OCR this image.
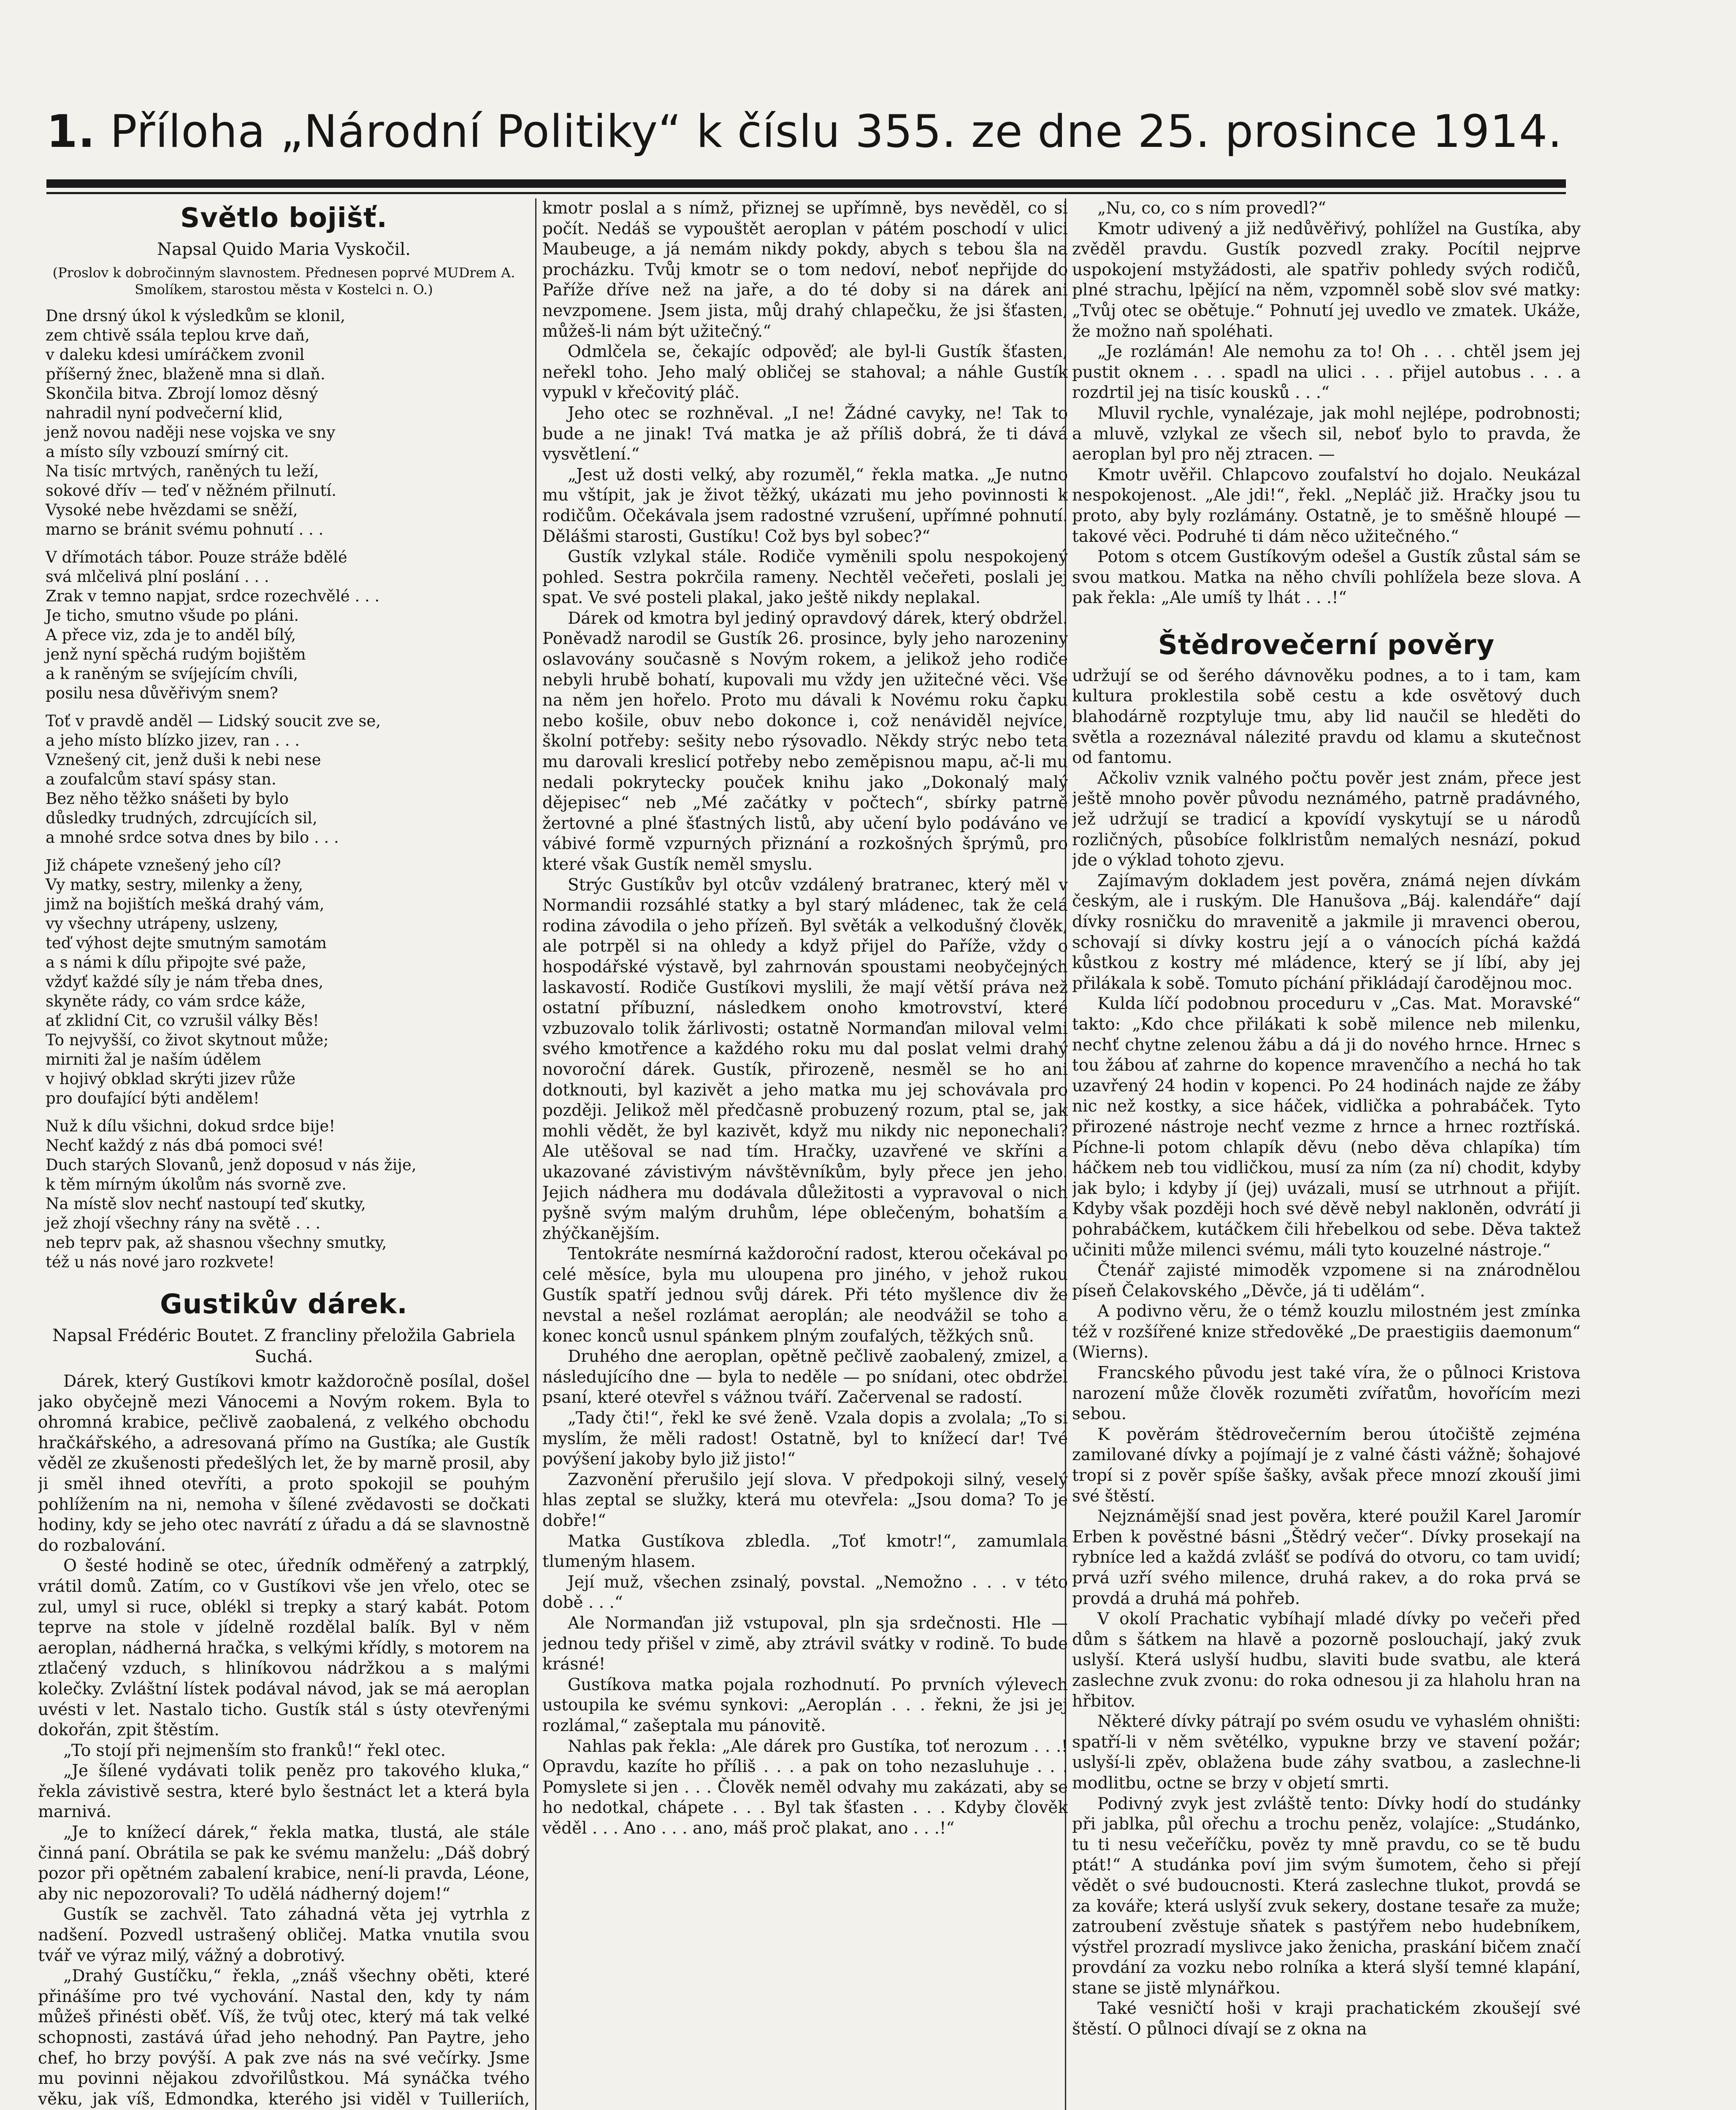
1. Příloha „Národní Politiky“ k číslu 355. ze dne 25. prosince 1914.
Světlo bojišť.
Napsal Quido Maria Vyskočil.
(Proslov k dobročinným slavnostem. Přednesen poprvé MUDrem A. Smolíkem, starostou města v Kostelci n. O.)
Dne drsný úkol k výsledkům se klonil,
zem chtivě ssála teplou krve daň,
v daleku kdesi umíráčkem zvonil
příšerný žnec, blaženě mna si dlaň.
Skončila bitva. Zbrojí lomoz děsný
nahradil nyní podvečerní klid,
jenž novou naději nese vojska ve sny
a místo síly vzbouzí smírný cit.
Na tisíc mrtvých, raněných tu leží,
sokové dřív — teď v něžném přilnutí.
Vysoké nebe hvězdami se sněží,
marno se bránit svému pohnutí . . .
V dřímotách tábor. Pouze stráže bdělé
svá mlčelivá plní poslání . . .
Zrak v temno napjat, srdce rozechvělé . . .
Je ticho, smutno všude po pláni.
A přece viz, zda je to anděl bílý,
jenž nyní spěchá rudým bojištěm
a k raněným se svíjejícím chvíli,
posilu nesa důvěřivým snem?
Toť v pravdě anděl — Lidský soucit zve se,
a jeho místo blízko jizev, ran . . .
Vznešený cit, jenž duši k nebi nese
a zoufalcům staví spásy stan.
Bez něho těžko snášeti by bylo
důsledky trudných, zdrcujících sil,
a mnohé srdce sotva dnes by bilo . . .
Již chápete vznešený jeho cíl?
Vy matky, sestry, milenky a ženy,
jimž na bojištích mešká drahý vám,
vy všechny utrápeny, uslzeny,
teď výhost dejte smutným samotám
a s námi k dílu připojte své paže,
vždyť každé síly je nám třeba dnes,
skyněte rády, co vám srdce káže,
ať zklidní Cit, co vzrušil války Běs!
To nejvyšší, co život skytnout může;
mirniti žal je naším údělem
v hojivý obklad skrýti jizev růže
pro doufající býti andělem!
Nuž k dílu všichni, dokud srdce bije!
Nechť každý z nás dbá pomoci své!
Duch starých Slovanů, jenž doposud v nás žije,
k těm mírným úkolům nás svorně zve.
Na místě slov nechť nastoupí teď skutky,
jež zhojí všechny rány na světě . . .
neb teprv pak, až shasnou všechny smutky,
též u nás nové jaro rozkvete!
Gustikův dárek.
Napsal Frédéric Boutet. Z francliny přeložila Gabriela Suchá.

Dárek, který Gustíkovi kmotr každoročně posílal, došel jako obyčejně mezi Vánocemi a Novým rokem. Byla to ohromná krabice, pečlivě zaobalená, z velkého obchodu hračkářského, a adresovaná přímo na Gustíka; ale Gustík věděl ze zkušenosti předešlých let, že by marně prosil, aby ji směl ihned otevříti, a proto spokojil se pouhým pohlížením na ni, nemoha v šílené zvědavosti se dočkati hodiny, kdy se jeho otec navrátí z úřadu a dá se slavnostně do rozbalování.

O šesté hodině se otec, úředník odměřený a zatrpklý, vrátil domů. Zatím, co v Gustíkovi vše jen vřelo, otec se zul, umyl si ruce, oblékl si trepky a starý kabát. Potom teprve na stole v jídelně rozdělal balík. Byl v něm aeroplan, nádherná hračka, s velkými křídly, s motorem na ztlačený vzduch, s hliníkovou nádržkou a s malými kolečky. Zvláštní lístek podával návod, jak se má aeroplan uvésti v let. Nastalo ticho. Gustík stál s ústy otevřenými dokořán, zpit štěstím.

„To stojí při nejmenším sto franků!“ řekl otec.

„Je šílené vydávati tolik peněz pro takového kluka,“ řekla závistivě sestra, které bylo šestnáct let a která byla marnivá.

„Je to knížecí dárek,“ řekla matka, tlustá, ale stále činná paní. Obrátila se pak ke svému manželu: „Dáš dobrý pozor při opětném zabalení krabice, není-li pravda, Léone, aby nic nepozorovali? To udělá nádherný dojem!“

Gustík se zachvěl. Tato záhadná věta jej vytrhla z nadšení. Pozvedl ustrašený obličej. Matka vnutila svou tvář ve výraz milý, vážný a dobrotivý.

„Drahý Gustíčku,“ řekla, „znáš všechny oběti, které přinášíme pro tvé vychování. Nastal den, kdy ty nám můžeš přinésti oběť. Víš, že tvůj otec, který má tak velké schopnosti, zastává úřad jeho nehodný. Pan Paytre, jeho chef, ho brzy povýší. A pak zve nás na své večírky. Jsme mu povinni nějakou zdvořilůstkou. Má synáčka tvého věku, jak víš, Edmondka, kterého jsi viděl v Tuilleriích,

kmotr poslal a s nímž, přiznej se upřímně, bys nevěděl, co si počít. Nedáš se vypouštět aeroplan v pátém poschodí v ulici Maubeuge, a já nemám nikdy pokdy, abych s tebou šla na procházku. Tvůj kmotr se o tom nedoví, neboť nepřijde do Paříže dříve než na jaře, a do té doby si na dárek ani nevzpomene. Jsem jista, můj drahý chlapečku, že jsi šťasten, můžeš-li nám být užitečný.“

Odmlčela se, čekajíc odpověď; ale byl-li Gustík šťasten, neřekl toho. Jeho malý obličej se stahoval; a náhle Gustík vypukl v křečovitý pláč.

Jeho otec se rozhněval. „I ne! Žádné cavyky, ne! Tak to bude a ne jinak! Tvá matka je až příliš dobrá, že ti dává vysvětlení.“

„Jest už dosti velký, aby rozuměl,“ řekla matka. „Je nutno mu vštípit, jak je život těžký, ukázati mu jeho povinnosti k rodičům. Očekávala jsem radostné vzrušení, upřímné pohnutí. Dělášmi starosti, Gustíku! Což bys byl sobec?“

Gustík vzlykal stále. Rodiče vyměnili spolu nespokojený pohled. Sestra pokrčila rameny. Nechtěl večeřeti, poslali jej spat. Ve své posteli plakal, jako ještě nikdy neplakal.

Dárek od kmotra byl jediný opravdový dárek, který obdržel. Poněvadž narodil se Gustík 26. prosince, byly jeho narozeniny oslavovány současně s Novým rokem, a jelikož jeho rodiče nebyli hrubě bohatí, kupovali mu vždy jen užitečné věci. Vše na něm jen hořelo. Proto mu dávali k Novému roku čapku nebo košile, obuv nebo dokonce i, což nenáviděl nejvíce, školní potřeby: sešity nebo rýsovadlo. Někdy strýc nebo teta mu darovali kreslicí potřeby nebo zeměpisnou mapu, ač-li mu nedali pokrytecky pouček knihu jako „Dokonalý malý dějepisec“ neb „Mé začátky v počtech“, sbírky patrně žertovné a plné šťastných listů, aby učení bylo podáváno ve vábivé formě vzpurných přiznání a rozkošných šprýmů, pro které však Gustík neměl smyslu.

Strýc Gustíkův byl otcův vzdálený bratranec, který měl v Normandii rozsáhlé statky a byl starý mládenec, tak že celá rodina závodila o jeho přízeň. Byl světák a velkodušný člověk, ale potrpěl si na ohledy a když přijel do Paříže, vždy o hospodářské výstavě, byl zahrnován spoustami neobyčejných laskavostí. Rodiče Gustíkovi myslili, že mají větší práva než ostatní příbuzní, následkem onoho kmotrovství, které vzbuzovalo tolik žárlivosti; ostatně Normanďan miloval velmi svého kmotřence a každého roku mu dal poslat velmi drahý novoroční dárek. Gustík, přirozeně, nesměl se ho ani dotknouti, byl kazivět a jeho matka mu jej schovávala pro později. Jelikož měl předčasně probuzený rozum, ptal se, jak mohli vědět, že byl kazivět, když mu nikdy nic neponechali? Ale utěšoval se nad tím. Hračky, uzavřené ve skříni a ukazované závistivým návštěvníkům, byly přece jen jeho. Jejich nádhera mu dodávala důležitosti a vypravoval o nich pyšně svým malým druhům, lépe oblečeným, bohatším a zhýčkanějším.

Tentokráte nesmírná každoroční radost, kterou očekával po celé měsíce, byla mu uloupena pro jiného, v jehož rukou Gustík spatří jednou svůj dárek. Při této myšlence div že nevstal a nešel rozlámat aeroplán; ale neodvážil se toho a konec konců usnul spánkem plným zoufalých, těžkých snů.

Druhého dne aeroplan, opětně pečlivě zaobalený, zmizel, a následujícího dne — byla to neděle — po snídani, otec obdržel psaní, které otevřel s vážnou tváří. Začervenal se radostí.

„Tady čti!“, řekl ke své ženě. Vzala dopis a zvolala; „To si myslím, že měli radost! Ostatně, byl to knížecí dar! Tvé povýšení jakoby bylo již jisto!“

Zazvonění přerušilo její slova. V předpokoji silný, veselý hlas zeptal se služky, která mu otevřela: „Jsou doma? To je dobře!“

Matka Gustíkova zbledla. „Toť kmotr!“, zamumlala tlumeným hlasem.

Její muž, všechen zsinalý, povstal. „Nemožno . . . v této době . . .“

Ale Normanďan již vstupoval, pln sja srdečnosti. Hle — jednou tedy přišel v zimě, aby ztrávil svátky v rodině. To bude krásné!

Gustíkova matka pojala rozhodnutí. Po prvních výlevech ustoupila ke svému synkovi: „Aeroplán . . . řekni, že jsi jej rozlámal,“ zašeptala mu pánovitě.

Nahlas pak řekla: „Ale dárek pro Gustíka, toť nerozum . . .! Opravdu, kazíte ho příliš . . . a pak on toho nezasluhuje . . . Pomyslete si jen . . . Člověk neměl odvahy mu zakázati, aby se ho nedotkal, chápete . . . Byl tak šťasten . . . Kdyby člověk věděl . . . Ano . . . ano, máš proč plakat, ano . . .!“

„Nu, co, co s ním provedl?“

Kmotr udivený a již nedůvěřivý, pohlížel na Gustíka, aby zvěděl pravdu. Gustík pozvedl zraky. Pocítil nejprve uspokojení mstyžádosti, ale spatřiv pohledy svých rodičů, plné strachu, lpějící na něm, vzpomněl sobě slov své matky: „Tvůj otec se obětuje.“ Pohnutí jej uvedlo ve zmatek. Ukáže, že možno naň spoléhati.

„Je rozlámán! Ale nemohu za to! Oh . . . chtěl jsem jej pustit oknem . . . spadl na ulici . . . přijel autobus . . . a rozdrtil jej na tisíc kousků . . .“

Mluvil rychle, vynalézaje, jak mohl nejlépe, podrobnosti; a mluvě, vzlykal ze všech sil, neboť bylo to pravda, že aeroplan byl pro něj ztracen. —

Kmotr uvěřil. Chlapcovo zoufalství ho dojalo. Neukázal nespokojenost. „Ale jdi!“, řekl. „Nepláč již. Hračky jsou tu proto, aby byly rozlámány. Ostatně, je to směšně hloupé — takové věci. Podruhé ti dám něco užitečného.“

Potom s otcem Gustíkovým odešel a Gustík zůstal sám se svou matkou. Matka na něho chvíli pohlížela beze slova. A pak řekla: „Ale umíš ty lhát . . .!“

Štědrovečerní pověry

udržují se od šerého dávnověku podnes, a to i tam, kam kultura proklestila sobě cestu a kde osvětový duch blahodárně rozptyluje tmu, aby lid naučil se hleděti do světla a rozeznával nálezité pravdu od klamu a skutečnost od fantomu.

Ačkoliv vznik valného počtu pověr jest znám, přece jest ještě mnoho pověr původu neznámého, patrně pradávného, jež udržují se tradicí a kpovídí vyskytují se u národů rozličných, působíce folklristům nemalých nesnází, pokud jde o výklad tohoto zjevu.

Zajímavým dokladem jest pověra, známá nejen dívkám českým, ale i ruským. Dle Hanušova „Báj. kalendáře“ dají dívky rosničku do mravenitě a jakmile ji mravenci oberou, schovají si dívky kostru její a o vánocích píchá každá kůstkou z kostry mé mládence, který se jí líbí, aby jej přilákala k sobě. Tomuto píchání přikládají čarodějnou moc.

Kulda líčí podobnou proceduru v „Cas. Mat. Moravské“ takto: „Kdo chce přilákati k sobě milence neb milenku, nechť chytne zelenou žábu a dá ji do nového hrnce. Hrnec s tou žábou ať zahrne do kopence mravenčího a nechá ho tak uzavřený 24 hodin v kopenci. Po 24 hodinách najde ze žáby nic než kostky, a sice háček, vidlička a pohrabáček. Tyto přirozené nástroje nechť vezme z hrnce a hrnec roztříská. Píchne-li potom chlapík děvu (nebo děva chlapíka) tím háčkem neb tou vidličkou, musí za ním (za ní) chodit, kdyby jak bylo; i kdyby jí (jej) uvázali, musí se utrhnout a přijít. Kdyby však později hoch své děvě nebyl nakloněn, odvrátí ji pohrabáčkem, kutáčkem čili hřebelkou od sebe. Děva taktež učiniti může milenci svému, máli tyto kouzelné nástroje.“

Čtenář zajisté mimoděk vzpomene si na znárodnělou píseň Čelakovského „Děvče, já ti udělám“.

A podivno věru, že o témž kouzlu milostném jest zmínka též v rozšířené knize středověké „De praestigiis daemonum“ (Wierns).

Francského původu jest také víra, že o půlnoci Kristova narození může člověk rozuměti zvířatům, hovořícím mezi sebou.

K pověrám štědrovečerním berou útočiště zejména zamilované dívky a pojímají je z valné části vážně; šohajové tropí si z pověr spíše šašky, avšak přece mnozí zkouší jimi své štěstí.

Nejznámější snad jest pověra, které použil Karel Jaromír Erben k pověstné básni „Štědrý večer“. Dívky prosekají na rybníce led a každá zvlášť se podívá do otvoru, co tam uvidí; prvá uzří svého milence, druhá rakev, a do roka prvá se provdá a druhá má pohřeb.

V okolí Prachatic vybíhají mladé dívky po večeři před dům s šátkem na hlavě a pozorně poslouchají, jaký zvuk uslyší. Která uslyší hudbu, slaviti bude svatbu, ale která zaslechne zvuk zvonu: do roka odnesou ji za hlaholu hran na hřbitov.

Některé dívky pátrají po svém osudu ve vyhaslém ohništi: spatří-li v něm světélko, vypukne brzy ve stavení požár; uslyší-li zpěv, oblažena bude záhy svatbou, a zaslechne-li modlitbu, octne se brzy v objetí smrti.

Podivný zvyk jest zvláště tento: Dívky hodí do studánky při jablka, půl ořechu a trochu peněz, volajíce: „Studánko, tu ti nesu večeříčku, pověz ty mně pravdu, co se tě budu ptát!“ A studánka poví jim svým šumotem, čeho si přejí vědět o své budoucnosti. Která zaslechne tlukot, provdá se za kováře; která uslyší zvuk sekery, dostane tesaře za muže; zatroubení zvěstuje sňatek s pastýřem nebo hudebníkem, výstřel prozradí myslivce jako ženicha, praskání bičem značí provdání za vozku nebo rolníka a která slyší temné klapání, stane se jistě mlynářkou.

Také vesničtí hoši v kraji prachatickém zkoušejí své štěstí. O půlnoci dívají se z okna na
